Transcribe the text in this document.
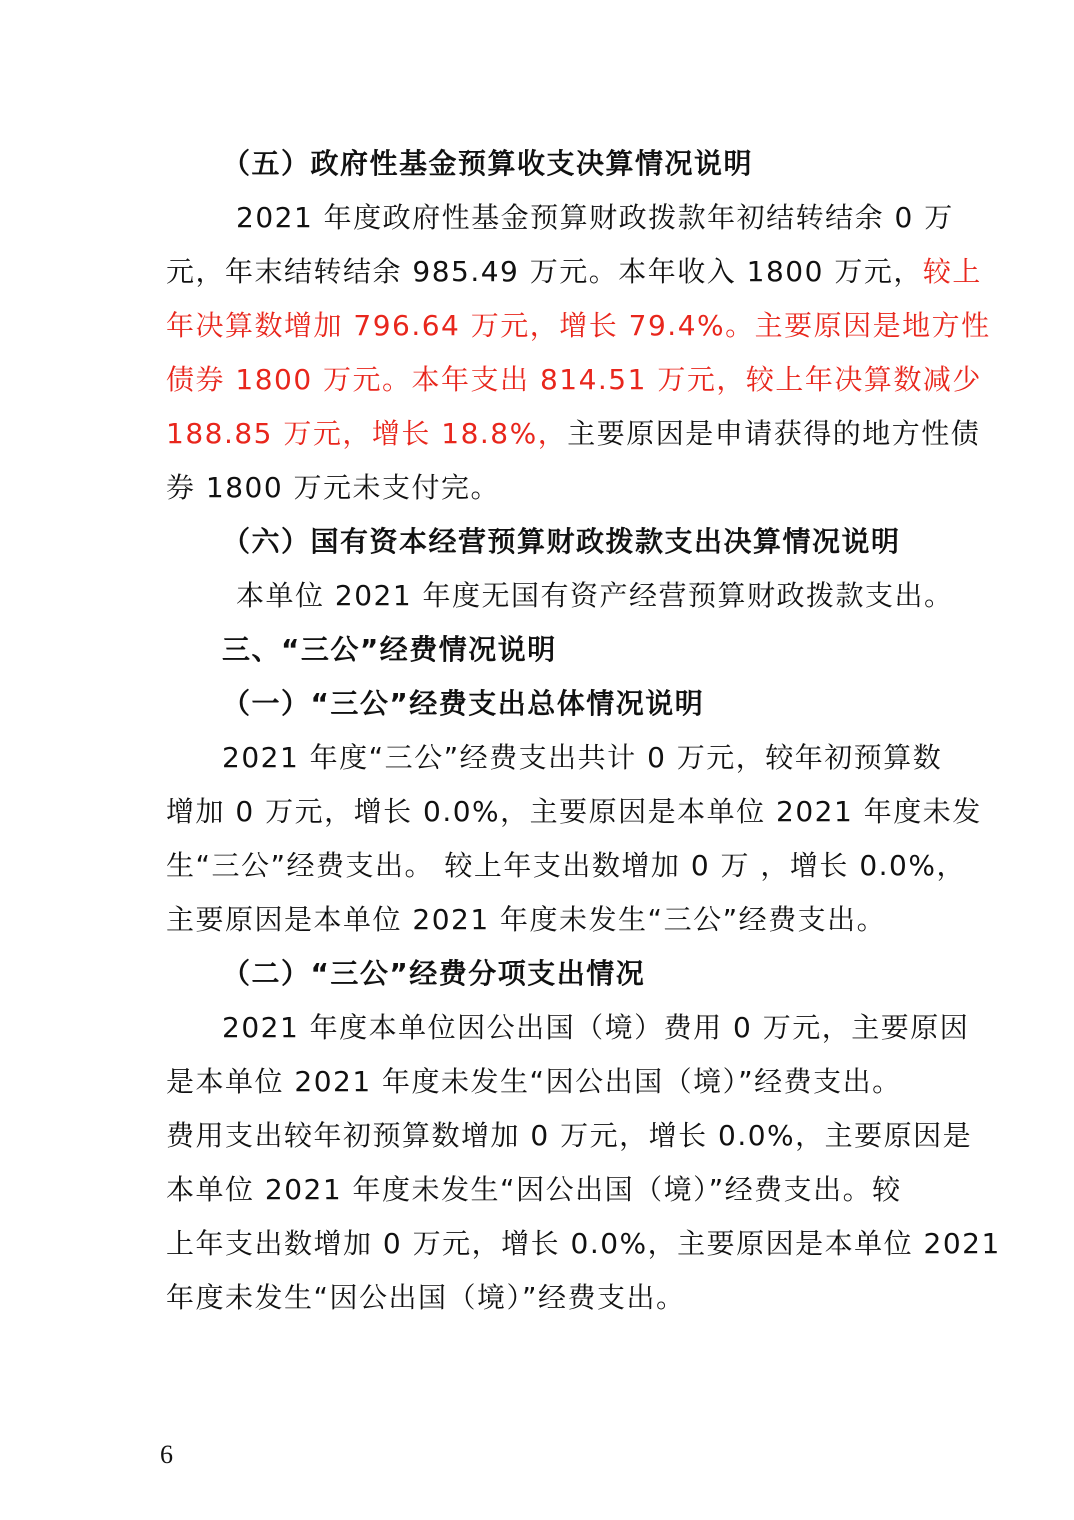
（五）政府性基金预算收支决算情况说明
2021 年度政府性基金预算财政拨款年初结转结余 0 万
元，年末结转结余 985.49 万元。本年收入 1800 万元，较上
年决算数增加 796.64 万元，增长 79.4%。主要原因是地方性
债券 1800 万元。本年支出 814.51 万元，较上年决算数减少
188.85 万元，增长 18.8%，主要原因是申请获得的地方性债
券 1800 万元未支付完。
（六）国有资本经营预算财政拨款支出决算情况说明
本单位 2021 年度无国有资产经营预算财政拨款支出。
三、“三公”经费情况说明
（一）“三公”经费支出总体情况说明
2021 年度“三公”经费支出共计 0 万元，较年初预算数
增加 0 万元，增长 0.0%，主要原因是本单位 2021 年度未发
生“三公”经费支出。 较上年支出数增加 0 万 ，增长 0.0%，
主要原因是本单位 2021 年度未发生“三公”经费支出。
（二）“三公”经费分项支出情况
2021 年度本单位因公出国（境）费用 0 万元，主要原因
是本单位 2021 年度未发生“因公出国（境）”经费支出。
费用支出较年初预算数增加 0 万元，增长 0.0%，主要原因是
本单位 2021 年度未发生“因公出国（境）”经费支出。较
上年支出数增加 0 万元，增长 0.0%，主要原因是本单位 2021
年度未发生“因公出国（境）”经费支出。
6
